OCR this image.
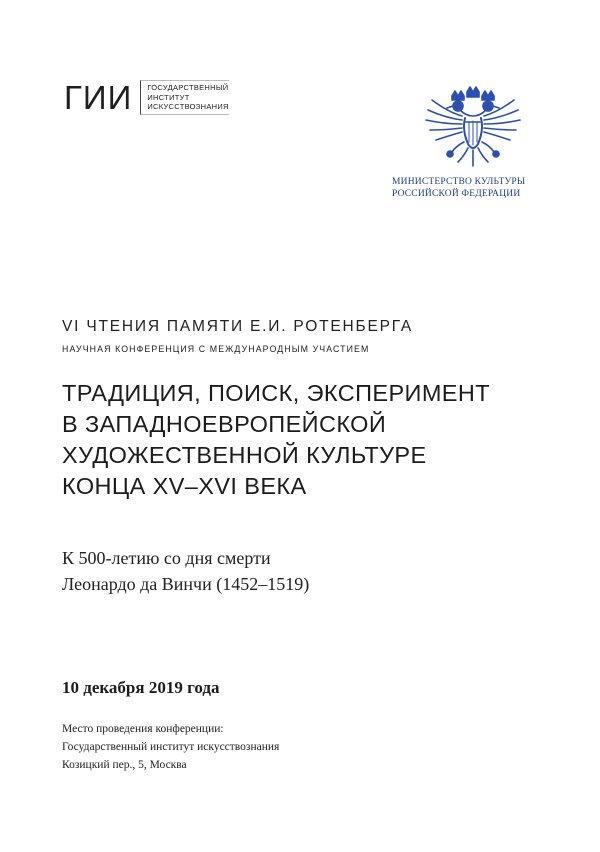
ГИИ	ГОСУДАРСТВЕННЫЙ
ИНСТИТУТ
ИСКУССТВОЗНАНИЯ
МИНИСТЕРСТВО КУЛЬТУРЫ
РОССИЙСКОЙ ФЕДЕРАЦИИ
VI ЧТЕНИЯ ПАМЯТИ Е.И. РОТЕНБЕРГА
НАУЧНАЯ КОНФЕРЕНЦИЯ С МЕЖДУНАРОДНЫМ УЧАСТИЕМ
ТРАДИЦИЯ, ПОИСК, ЭКСПЕРИМЕНТ
В ЗАПАДНОЕВРОПЕЙСКОЙ
ХУДОЖЕСТВЕННОЙ КУЛЬТУРЕ
КОНЦА XV–XVI ВЕКА
К 500-летию со дня смерти
Леонардо да Винчи (1452–1519)
10 декабря 2019 года
Место проведения конференции:
Государственный институт искусствознания
Козицкий пер., 5, Москва
